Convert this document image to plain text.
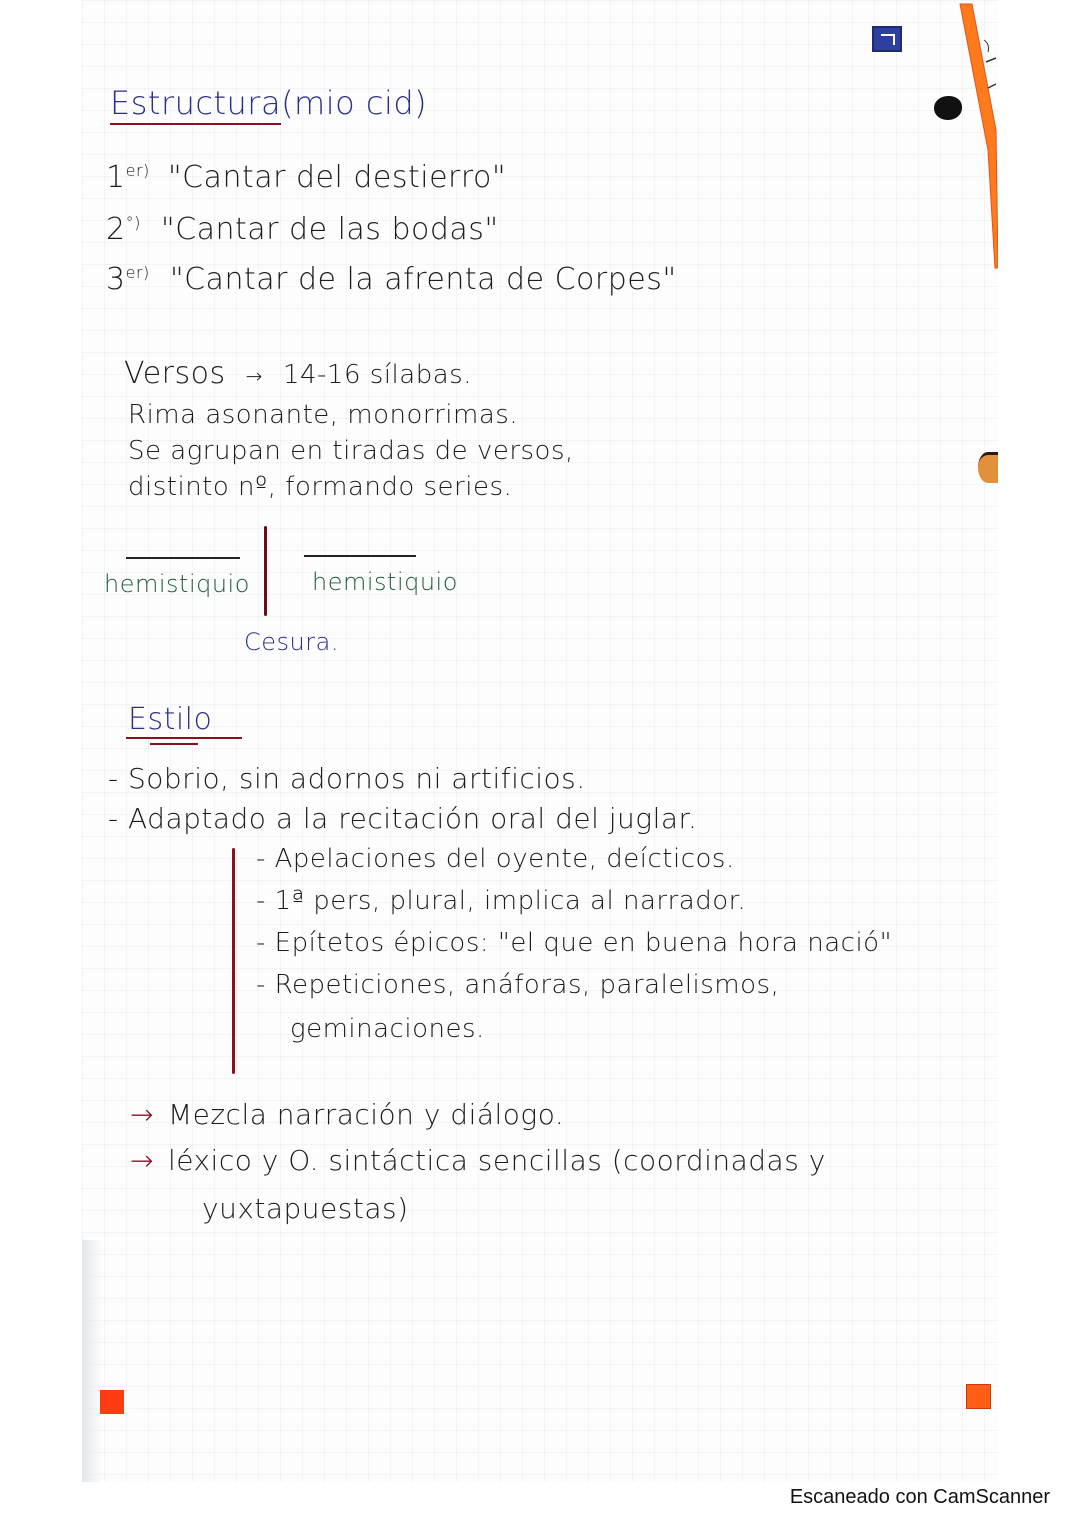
Estructura(mio cid)
$1^{er)}$ "Cantar del destierro"
2°) "Cantar de las bodas"
$3^{er)}$ "Cantar de la afrenta de Corpes"
Versos → 14-16 sílabas.
Rima asonante, monorrimas.
Se agrupan en tiradas de versos,
distinto nº, formando series.
hemistiquio	hemistiquio
Cesura.
Estilo
- Sobrio, sin adornos ni artificios.
- Adaptado a la recitación oral del juglar.
- Apelaciones del oyente, deícticos.
- 1ª pers, plural, implica al narrador.
- Epítetos épicos: "el que en buena hora nació"
- Repeticiones, anáforas, paralelismos,
geminaciones.
→ Mezcla narración y diálogo.
→ léxico y O. sintáctica sencillas (coordinadas y
yuxtapuestas)
Escaneado con CamScanner
